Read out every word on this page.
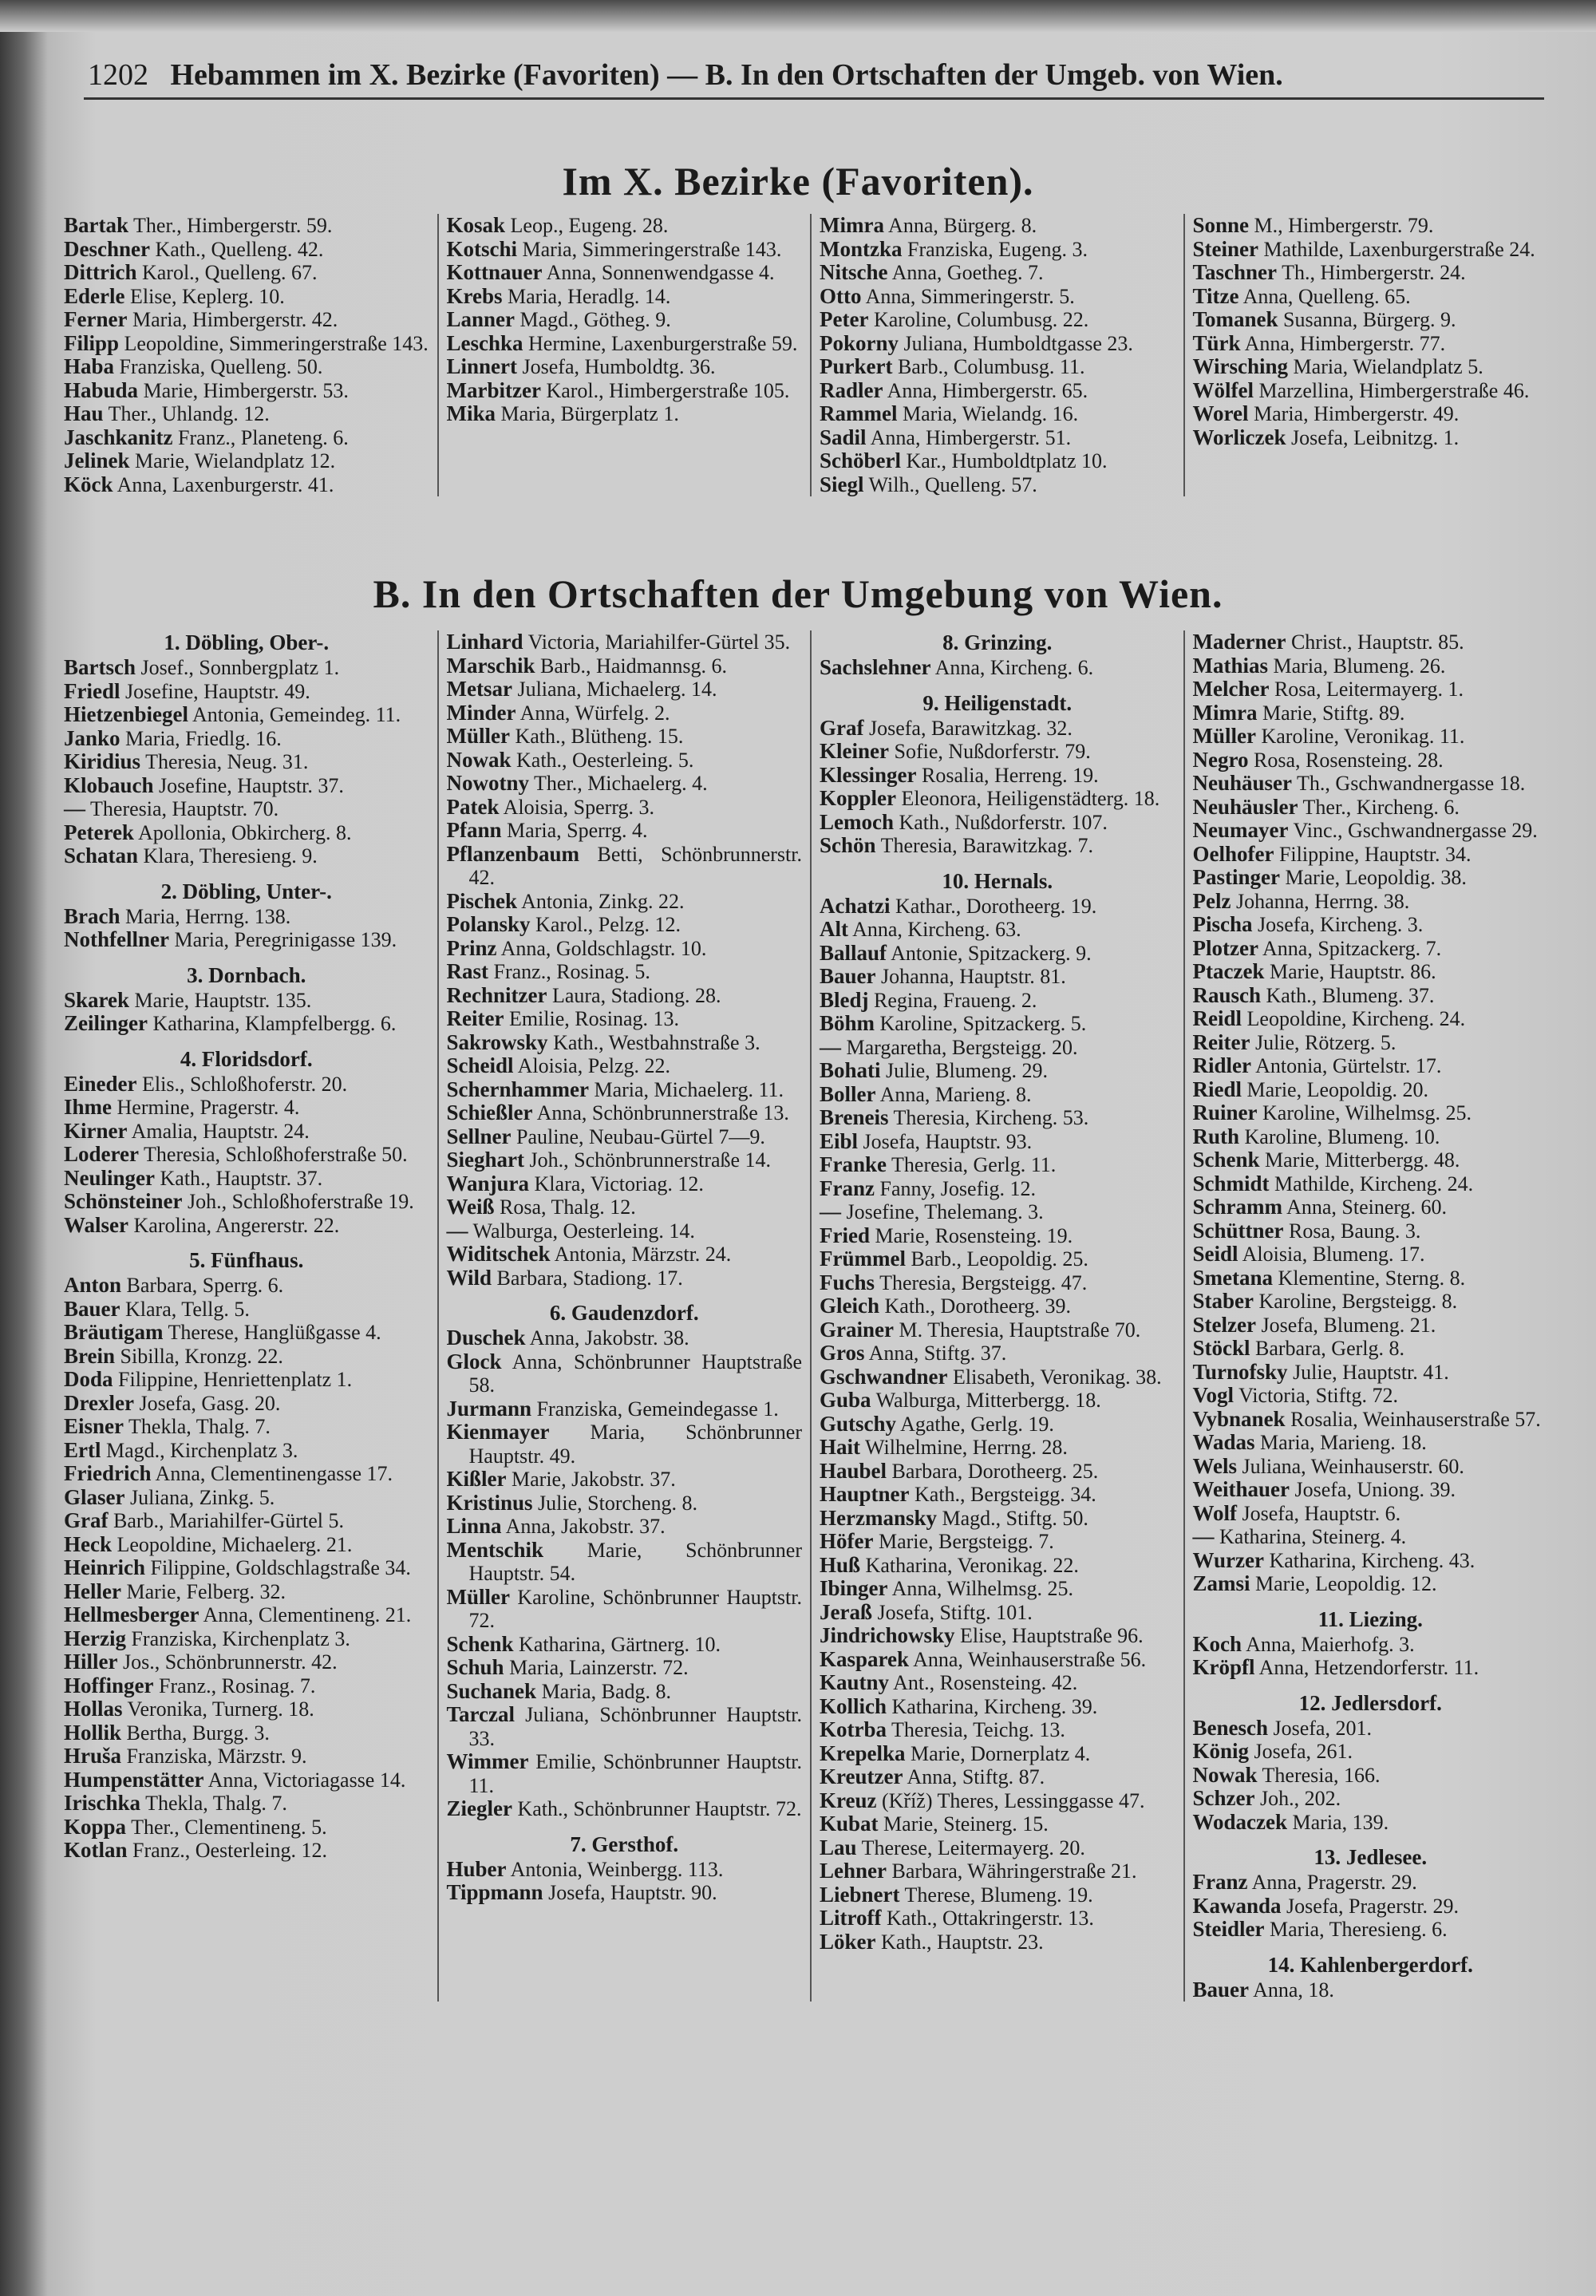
1202 Hebammen im X. Bezirke (Favoriten) — B. In den Ortschaften der Umgeb. von Wien.
Im X. Bezirke (Favoriten).
Bartak Ther., Himbergerstr. 59.
Deschner Kath., Quelleng. 42.
Dittrich Karol., Quelleng. 67.
Ederle Elise, Keplerg. 10.
Ferner Maria, Himbergerstr. 42.
Filipp Leopoldine, Simmeringerstraße 143.
Haba Franziska, Quelleng. 50.
Habuda Marie, Himbergerstr. 53.
Hau Ther., Uhlandg. 12.
Jaschkanitz Franz., Planeteng. 6.
Jelinek Marie, Wielandplatz 12.
Köck Anna, Laxenburgerstr. 41.
Kosak Leop., Eugeng. 28.
Kotschi Maria, Simmeringerstraße 143.
Kottnauer Anna, Sonnenwendgasse 4.
Krebs Maria, Heradlg. 14.
Lanner Magd., Götheg. 9.
Leschka Hermine, Laxenburgerstraße 59.
Linnert Josefa, Humboldtg. 36.
Marbitzer Karol., Himbergerstraße 105.
Mika Maria, Bürgerplatz 1.
Mimra Anna, Bürgerg. 8.
Montzka Franziska, Eugeng. 3.
Nitsche Anna, Goetheg. 7.
Otto Anna, Simmeringerstr. 5.
Peter Karoline, Columbusg. 22.
Pokorny Juliana, Humboldtgasse 23.
Purkert Barb., Columbusg. 11.
Radler Anna, Himbergerstr. 65.
Rammel Maria, Wielandg. 16.
Sadil Anna, Himbergerstr. 51.
Schöberl Kar., Humboldtplatz 10.
Siegl Wilh., Quelleng. 57.
Sonne M., Himbergerstr. 79.
Steiner Mathilde, Laxenburgerstraße 24.
Taschner Th., Himbergerstr. 24.
Titze Anna, Quelleng. 65.
Tomanek Susanna, Bürgerg. 9.
Türk Anna, Himbergerstr. 77.
Wirsching Maria, Wielandplatz 5.
Wölfel Marzellina, Himbergerstraße 46.
Worel Maria, Himbergerstr. 49.
Worliczek Josefa, Leibnitzg. 1.
B. In den Ortschaften der Umgebung von Wien.
1. Döbling, Ober-.
Bartsch Josef., Sonnbergplatz 1.
Friedl Josefine, Hauptstr. 49.
Hietzenbiegel Antonia, Gemeindeg. 11.
Janko Maria, Friedlg. 16.
Kiridius Theresia, Neug. 31.
Klobauch Josefine, Hauptstr. 37.
— Theresia, Hauptstr. 70.
Peterek Apollonia, Obkircherg. 8.
Schatan Klara, Theresieng. 9.
2. Döbling, Unter-.
Brach Maria, Herrng. 138.
Nothfellner Maria, Peregrinigasse 139.
3. Dornbach.
Skarek Marie, Hauptstr. 135.
Zeilinger Katharina, Klampfelbergg. 6.
4. Floridsdorf.
Eineder Elis., Schloßhoferstr. 20.
Ihme Hermine, Pragerstr. 4.
Kirner Amalia, Hauptstr. 24.
Loderer Theresia, Schloßhoferstraße 50.
Neulinger Kath., Hauptstr. 37.
Schönsteiner Joh., Schloßhoferstraße 19.
Walser Karolina, Angererstr. 22.
5. Fünfhaus.
Anton Barbara, Sperrg. 6.
Bauer Klara, Tellg. 5.
Bräutigam Therese, Hanglüßgasse 4.
Brein Sibilla, Kronzg. 22.
Doda Filippine, Henriettenplatz 1.
Drexler Josefa, Gasg. 20.
Eisner Thekla, Thalg. 7.
Ertl Magd., Kirchenplatz 3.
Friedrich Anna, Clementinengasse 17.
Glaser Juliana, Zinkg. 5.
Graf Barb., Mariahilfer-Gürtel 5.
Heck Leopoldine, Michaelerg. 21.
Heinrich Filippine, Goldschlagstraße 34.
Heller Marie, Felberg. 32.
Hellmesberger Anna, Clementineng. 21.
Herzig Franziska, Kirchenplatz 3.
Hiller Jos., Schönbrunnerstr. 42.
Hoffinger Franz., Rosinag. 7.
Hollas Veronika, Turnerg. 18.
Hollik Bertha, Burgg. 3.
Hruša Franziska, Märzstr. 9.
Humpenstätter Anna, Victoriagasse 14.
Irischka Thekla, Thalg. 7.
Koppa Ther., Clementineng. 5.
Kotlan Franz., Oesterleing. 12.
Linhard Victoria, Mariahilfer-Gürtel 35.
Marschik Barb., Haidmannsg. 6.
Metsar Juliana, Michaelerg. 14.
Minder Anna, Würfelg. 2.
Müller Kath., Blütheng. 15.
Nowak Kath., Oesterleing. 5.
Nowotny Ther., Michaelerg. 4.
Patek Aloisia, Sperrg. 3.
Pfann Maria, Sperrg. 4.
Pflanzenbaum Betti, Schönbrunnerstr. 42.
Pischek Antonia, Zinkg. 22.
Polansky Karol., Pelzg. 12.
Prinz Anna, Goldschlagstr. 10.
Rast Franz., Rosinag. 5.
Rechnitzer Laura, Stadiong. 28.
Reiter Emilie, Rosinag. 13.
Sakrowsky Kath., Westbahnstraße 3.
Scheidl Aloisia, Pelzg. 22.
Schernhammer Maria, Michaelerg. 11.
Schießler Anna, Schönbrunnerstraße 13.
Sellner Pauline, Neubau-Gürtel 7—9.
Sieghart Joh., Schönbrunnerstraße 14.
Wanjura Klara, Victoriag. 12.
Weiß Rosa, Thalg. 12.
— Walburga, Oesterleing. 14.
Widitschek Antonia, Märzstr. 24.
Wild Barbara, Stadiong. 17.
6. Gaudenzdorf.
Duschek Anna, Jakobstr. 38.
Glock Anna, Schönbrunner Hauptstraße 58.
Jurmann Franziska, Gemeindegasse 1.
Kienmayer Maria, Schönbrunner Hauptstr. 49.
Kißler Marie, Jakobstr. 37.
Kristinus Julie, Storcheng. 8.
Linna Anna, Jakobstr. 37.
Mentschik Marie, Schönbrunner Hauptstr. 54.
Müller Karoline, Schönbrunner Hauptstr. 72.
Schenk Katharina, Gärtnerg. 10.
Schuh Maria, Lainzerstr. 72.
Suchanek Maria, Badg. 8.
Tarczal Juliana, Schönbrunner Hauptstr. 33.
Wimmer Emilie, Schönbrunner Hauptstr. 11.
Ziegler Kath., Schönbrunner Hauptstr. 72.
7. Gersthof.
Huber Antonia, Weinbergg. 113.
Tippmann Josefa, Hauptstr. 90.
8. Grinzing.
Sachslehner Anna, Kircheng. 6.
9. Heiligenstadt.
Graf Josefa, Barawitzkag. 32.
Kleiner Sofie, Nußdorferstr. 79.
Klessinger Rosalia, Herreng. 19.
Koppler Eleonora, Heiligenstädterg. 18.
Lemoch Kath., Nußdorferstr. 107.
Schön Theresia, Barawitzkag. 7.
10. Hernals.
Achatzi Kathar., Dorotheerg. 19.
Alt Anna, Kircheng. 63.
Ballauf Antonie, Spitzackerg. 9.
Bauer Johanna, Hauptstr. 81.
Bledj Regina, Fraueng. 2.
Böhm Karoline, Spitzackerg. 5.
— Margaretha, Bergsteigg. 20.
Bohati Julie, Blumeng. 29.
Boller Anna, Marieng. 8.
Breneis Theresia, Kircheng. 53.
Eibl Josefa, Hauptstr. 93.
Franke Theresia, Gerlg. 11.
Franz Fanny, Josefig. 12.
— Josefine, Thelemang. 3.
Fried Marie, Rosensteing. 19.
Frümmel Barb., Leopoldig. 25.
Fuchs Theresia, Bergsteigg. 47.
Gleich Kath., Dorotheerg. 39.
Grainer M. Theresia, Hauptstraße 70.
Gros Anna, Stiftg. 37.
Gschwandner Elisabeth, Veronikag. 38.
Guba Walburga, Mitterbergg. 18.
Gutschy Agathe, Gerlg. 19.
Hait Wilhelmine, Herrng. 28.
Haubel Barbara, Dorotheerg. 25.
Hauptner Kath., Bergsteigg. 34.
Herzmansky Magd., Stiftg. 50.
Höfer Marie, Bergsteigg. 7.
Huß Katharina, Veronikag. 22.
Ibinger Anna, Wilhelmsg. 25.
Jeraß Josefa, Stiftg. 101.
Jindrichowsky Elise, Hauptstraße 96.
Kasparek Anna, Weinhauserstraße 56.
Kautny Ant., Rosensteing. 42.
Kollich Katharina, Kircheng. 39.
Kotrba Theresia, Teichg. 13.
Krepelka Marie, Dornerplatz 4.
Kreutzer Anna, Stiftg. 87.
Kreuz (Kříž) Theres, Lessinggasse 47.
Kubat Marie, Steinerg. 15.
Lau Therese, Leitermayerg. 20.
Lehner Barbara, Währingerstraße 21.
Liebnert Therese, Blumeng. 19.
Litroff Kath., Ottakringerstr. 13.
Löker Kath., Hauptstr. 23.
Maderner Christ., Hauptstr. 85.
Mathias Maria, Blumeng. 26.
Melcher Rosa, Leitermayerg. 1.
Mimra Marie, Stiftg. 89.
Müller Karoline, Veronikag. 11.
Negro Rosa, Rosensteing. 28.
Neuhäuser Th., Gschwandnergasse 18.
Neuhäusler Ther., Kircheng. 6.
Neumayer Vinc., Gschwandnergasse 29.
Oelhofer Filippine, Hauptstr. 34.
Pastinger Marie, Leopoldig. 38.
Pelz Johanna, Herrng. 38.
Pischa Josefa, Kircheng. 3.
Plotzer Anna, Spitzackerg. 7.
Ptaczek Marie, Hauptstr. 86.
Rausch Kath., Blumeng. 37.
Reidl Leopoldine, Kircheng. 24.
Reiter Julie, Rötzerg. 5.
Ridler Antonia, Gürtelstr. 17.
Riedl Marie, Leopoldig. 20.
Ruiner Karoline, Wilhelmsg. 25.
Ruth Karoline, Blumeng. 10.
Schenk Marie, Mitterbergg. 48.
Schmidt Mathilde, Kircheng. 24.
Schramm Anna, Steinerg. 60.
Schüttner Rosa, Baung. 3.
Seidl Aloisia, Blumeng. 17.
Smetana Klementine, Sterng. 8.
Staber Karoline, Bergsteigg. 8.
Stelzer Josefa, Blumeng. 21.
Stöckl Barbara, Gerlg. 8.
Turnofsky Julie, Hauptstr. 41.
Vogl Victoria, Stiftg. 72.
Vybnanek Rosalia, Weinhauserstraße 57.
Wadas Maria, Marieng. 18.
Wels Juliana, Weinhauserstr. 60.
Weithauer Josefa, Uniong. 39.
Wolf Josefa, Hauptstr. 6.
— Katharina, Steinerg. 4.
Wurzer Katharina, Kircheng. 43.
Zamsi Marie, Leopoldig. 12.
11. Liezing.
Koch Anna, Maierhofg. 3.
Kröpfl Anna, Hetzendorferstr. 11.
12. Jedlersdorf.
Benesch Josefa, 201.
König Josefa, 261.
Nowak Theresia, 166.
Schzer Joh., 202.
Wodaczek Maria, 139.
13. Jedlesee.
Franz Anna, Pragerstr. 29.
Kawanda Josefa, Pragerstr. 29.
Steidler Maria, Theresieng. 6.
14. Kahlenbergerdorf.
Bauer Anna, 18.
